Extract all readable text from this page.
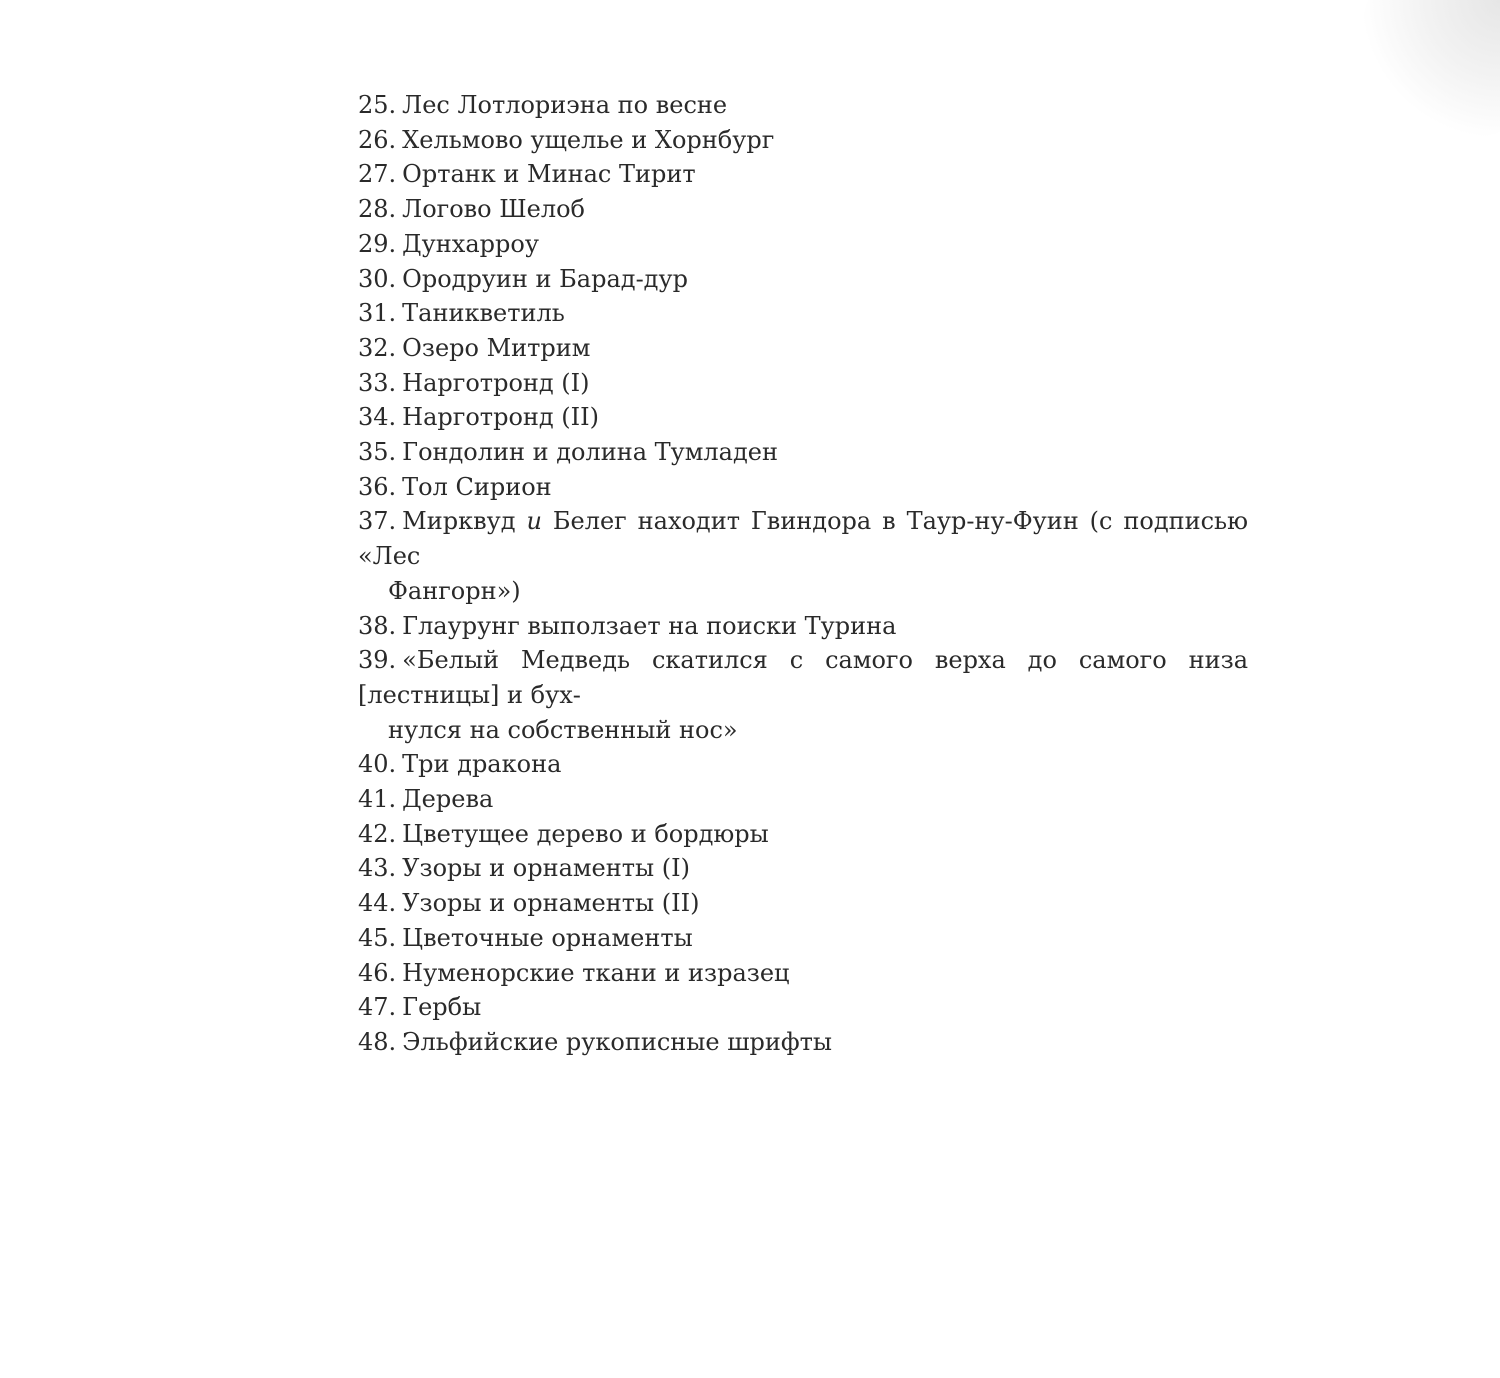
25. Лес Лотлориэна по весне
26. Хельмово ущелье и Хорнбург
27. Ортанк и Минас Тирит
28. Логово Шелоб
29. Дунхарроу
30. Ородруин и Барад-дур
31. Таникветиль
32. Озеро Митрим
33. Нарготронд (I)
34. Нарготронд (II)
35. Гондолин и долина Тумладен
36. Тол Сирион
37. Мирквуд и Белег находит Гвиндора в Таур-ну-Фуин (с подписью «Лес
Фангорн»)
38. Глаурунг выползает на поиски Турина
39. «Белый Медведь скатился с самого верха до самого низа [лестницы] и бух-
нулся на собственный нос»
40. Три дракона
41. Дерева
42. Цветущее дерево и бордюры
43. Узоры и орнаменты (I)
44. Узоры и орнаменты (II)
45. Цветочные орнаменты
46. Нуменорские ткани и изразец
47. Гербы
48. Эльфийские рукописные шрифты
